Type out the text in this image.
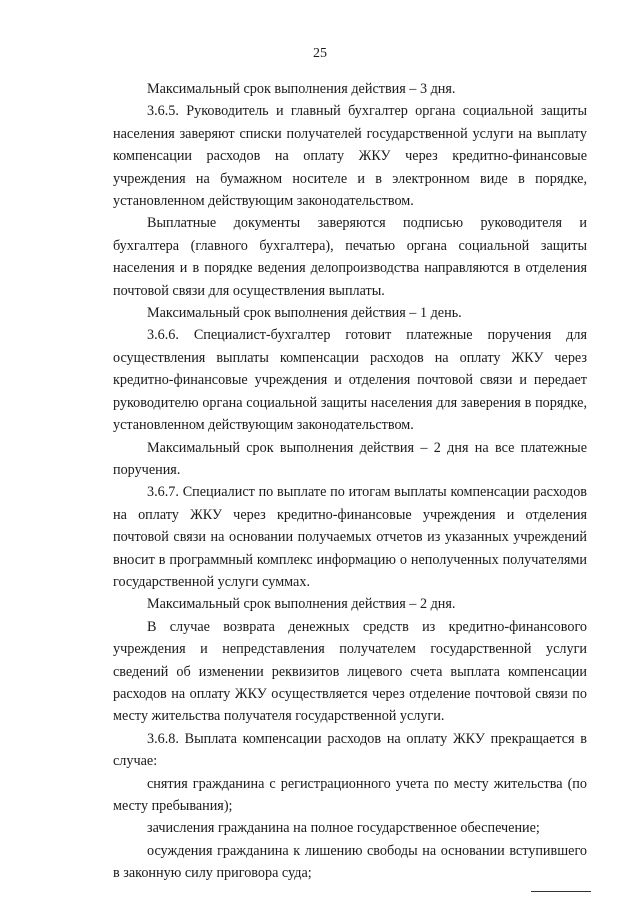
25

Максимальный срок выполнения действия – 3 дня.

3.6.5. Руководитель и главный бухгалтер органа социальной защиты населения заверяют списки получателей государственной услуги на выплату компенсации расходов на оплату ЖКУ через кредитно-финансовые учреждения на бумажном носителе и в электронном виде в порядке, установленном действующим законодательством.

Выплатные документы заверяются подписью руководителя и бухгалтера (главного бухгалтера), печатью органа социальной защиты населения и в порядке ведения делопроизводства направляются в отделения почтовой связи для осуществления выплаты.

Максимальный срок выполнения действия – 1 день.

3.6.6. Специалист-бухгалтер готовит платежные поручения для осуществления выплаты компенсации расходов на оплату ЖКУ через кредитно-финансовые учреждения и отделения почтовой связи и передает руководителю органа социальной защиты населения для заверения в порядке, установленном действующим законодательством.

Максимальный срок выполнения действия – 2 дня на все платежные поручения.

3.6.7. Специалист по выплате по итогам выплаты компенсации расходов на оплату ЖКУ через кредитно-финансовые учреждения и отделения почтовой связи на основании получаемых отчетов из указанных учреждений вносит в программный комплекс информацию о неполученных получателями государственной услуги суммах.

Максимальный срок выполнения действия – 2 дня.

В случае возврата денежных средств из кредитно-финансового учреждения и непредставления получателем государственной услуги сведений об изменении реквизитов лицевого счета выплата компенсации расходов на оплату ЖКУ осуществляется через отделение почтовой связи по месту жительства получателя государственной услуги.

3.6.8. Выплата компенсации расходов на оплату ЖКУ прекращается в случае:

снятия гражданина с регистрационного учета по месту жительства (по месту пребывания);

зачисления гражданина на полное государственное обеспечение;

осуждения гражданина к лишению свободы на основании вступившего в законную силу приговора суда;
